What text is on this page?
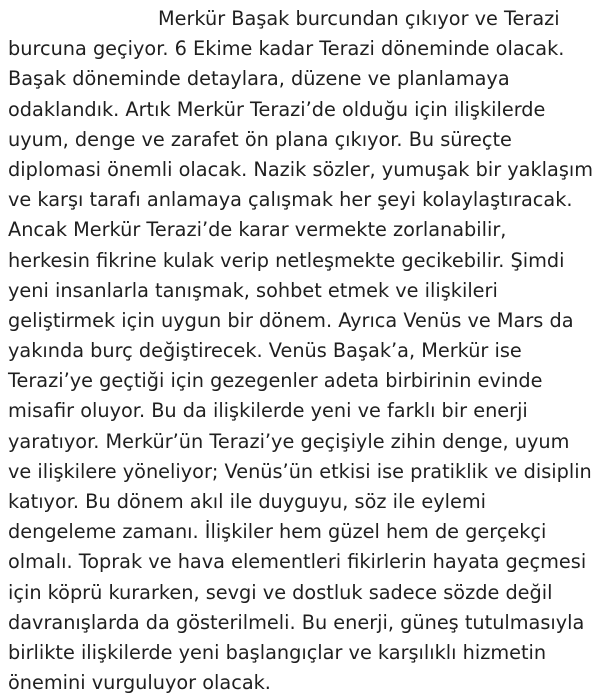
Merkür Başak burcundan çıkıyor ve Terazi
burcuna geçiyor. 6 Ekime kadar Terazi döneminde olacak.
Başak döneminde detaylara, düzene ve planlamaya
odaklandık. Artık Merkür Terazi’de olduğu için ilişkilerde
uyum, denge ve zarafet ön plana çıkıyor. Bu süreçte
diplomasi önemli olacak. Nazik sözler, yumuşak bir yaklaşım
ve karşı tarafı anlamaya çalışmak her şeyi kolaylaştıracak.
Ancak Merkür Terazi’de karar vermekte zorlanabilir,
herkesin fikrine kulak verip netleşmekte gecikebilir. Şimdi
yeni insanlarla tanışmak, sohbet etmek ve ilişkileri
geliştirmek için uygun bir dönem. Ayrıca Venüs ve Mars da
yakında burç değiştirecek. Venüs Başak’a, Merkür ise
Terazi’ye geçtiği için gezegenler adeta birbirinin evinde
misafir oluyor. Bu da ilişkilerde yeni ve farklı bir enerji
yaratıyor. Merkür’ün Terazi’ye geçişiyle zihin denge, uyum
ve ilişkilere yöneliyor; Venüs’ün etkisi ise pratiklik ve disiplin
katıyor. Bu dönem akıl ile duyguyu, söz ile eylemi
dengeleme zamanı. İlişkiler hem güzel hem de gerçekçi
olmalı. Toprak ve hava elementleri fikirlerin hayata geçmesi
için köprü kurarken, sevgi ve dostluk sadece sözde değil
davranışlarda da gösterilmeli. Bu enerji, güneş tutulmasıyla
birlikte ilişkilerde yeni başlangıçlar ve karşılıklı hizmetin
önemini vurguluyor olacak.
